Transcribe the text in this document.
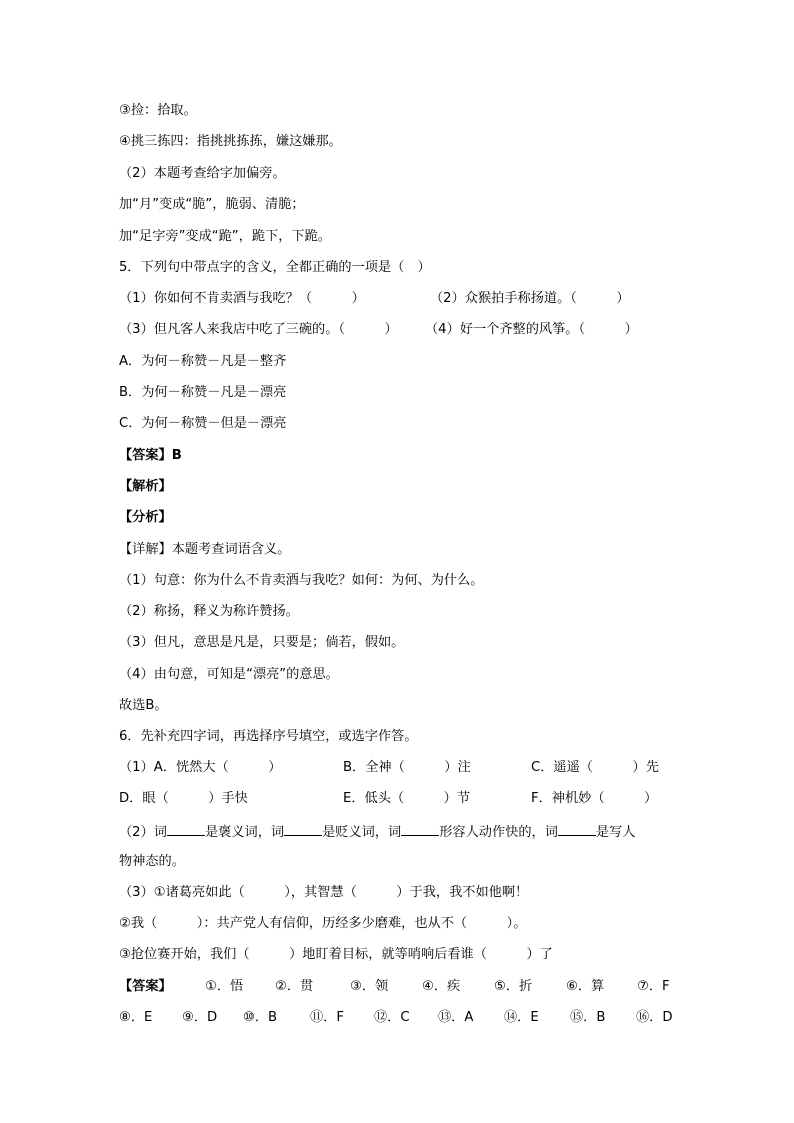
③捡：拾取。
④挑三拣四：指挑挑拣拣，嫌这嫌那。
（2）本题考查给字加偏旁。
加“月”变成“脆”，脆弱、清脆；
加“足字旁”变成“跪”，跪下，下跪。
5．下列句中带点字的含义，全都正确的一项是（　）
（1）你如何不肯卖酒与我吃？（　　　）	（2）众猴拍手称扬道。（　　　）
（3）但凡客人来我店中吃了三碗的。（　　　） （4）好一个齐整的风筝。（　　　）
A．为何－称赞－凡是－整齐
B．为何－称赞－凡是－漂亮
C．为何－称赞－但是－漂亮
【答案】B
【解析】
【分析】
【详解】本题考查词语含义。
（1）句意：你为什么不肯卖酒与我吃？如何：为何、为什么。
（2）称扬，释义为称许赞扬。
（3）但凡，意思是凡是，只要是；倘若，假如。
（4）由句意，可知是“漂亮”的意思。
故选B。
6．先补充四字词，再选择序号填空，或选字作答。
（1）A．恍然大（　　　）	B．全神（　　　）注	C．遥遥（　　　）先
D．眼（　　　）手快	E．低头（　　　）节	F．神机妙（　　　）
（2）词	是褒义词，词	是贬义词，词	形容人动作快的，词	是写人
物神态的。
（3）①诸葛亮如此（　　　），其智慧（　　　）于我，我不如他啊！
②我（　　　）：共产党人有信仰，历经多少磨难，也从不（　　　）。
③抢位赛开始，我们（　　　）地盯着目标，就等哨响后看谁（　　　）了
【答案】	①．悟 ②．贯	③．领	④．疾	⑤．折	⑥．算 ⑦．F
⑧．E ⑨．D ⑩．B ⑪．F ⑫．C ⑬．A ⑭．E ⑮．B ⑯．D
